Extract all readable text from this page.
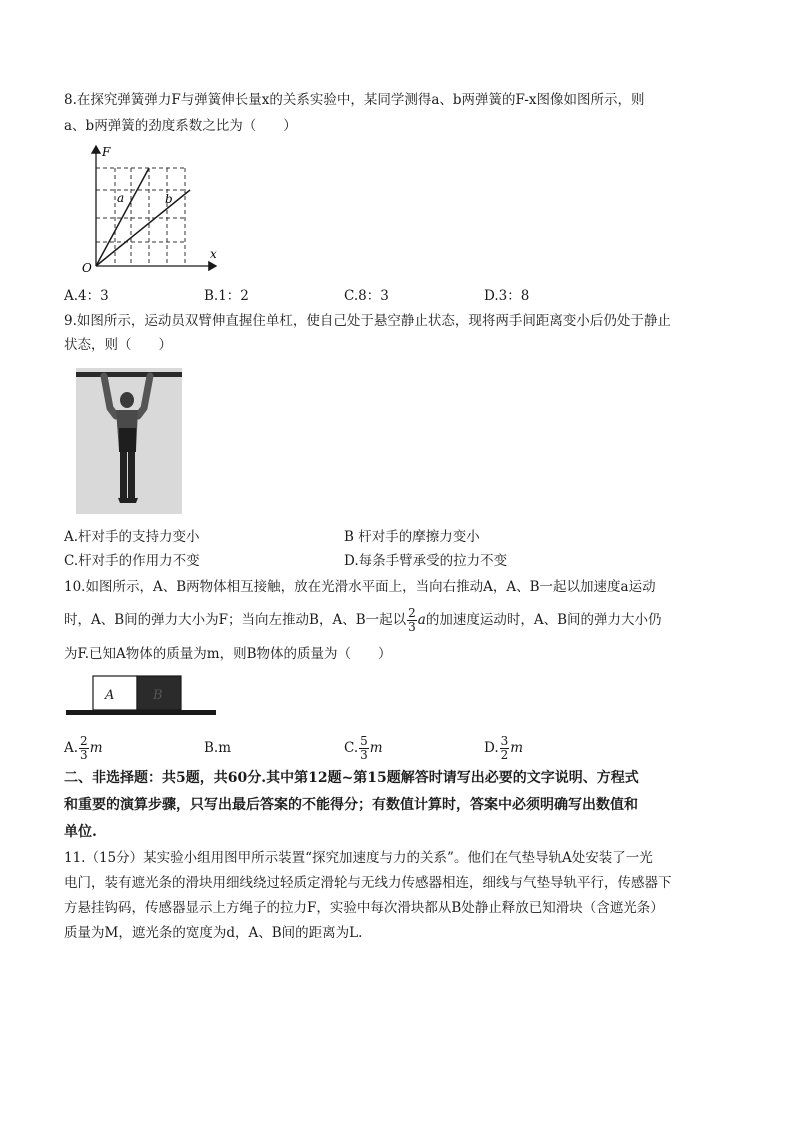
8.在探究弹簧弹力F与弹簧伸长量x的关系实验中，某同学测得a、b两弹簧的F-x图像如图所示，则
a、b两弹簧的劲度系数之比为（　　）
F
x
O
a	b
A.4：3	B.1：2	C.8：3	D.3：8
9.如图所示，运动员双臂伸直握住单杠，使自己处于悬空静止状态，现将两手间距离变小后仍处于静止
状态，则（　　）
A.杆对手的支持力变小	B 杆对手的摩擦力变小
C.杆对手的作用力不变	D.每条手臂承受的拉力不变
10.如图所示，A、B两物体相互接触，放在光滑水平面上，当向右推动A，A、B一起以加速度a运动
时，A、B间的弹力大小为F；当向左推动B，A、B一起以 $\frac{2}{3}$ a的加速度运动时，A、B间的弹力大小仍
为F.已知A物体的质量为m，则B物体的质量为（　　）
A	B
A. $\frac{2}{3}$ m	B.m	C. $\frac{5}{3}$ m	D. $\frac{3}{2}$ m
二、非选择题：共5题，共60分.其中第12题~第15题解答时请写出必要的文字说明、方程式
和重要的演算步骤，只写出最后答案的不能得分；有数值计算时，答案中必须明确写出数值和
单位.
11.（15分）某实验小组用图甲所示装置“探究加速度与力的关系”。他们在气垫导轨A处安装了一光
电门，装有遮光条的滑块用细线绕过轻质定滑轮与无线力传感器相连，细线与气垫导轨平行，传感器下
方悬挂钩码，传感器显示上方绳子的拉力F，实验中每次滑块都从B处静止释放已知滑块（含遮光条）
质量为M，遮光条的宽度为d，A、B间的距离为L.
